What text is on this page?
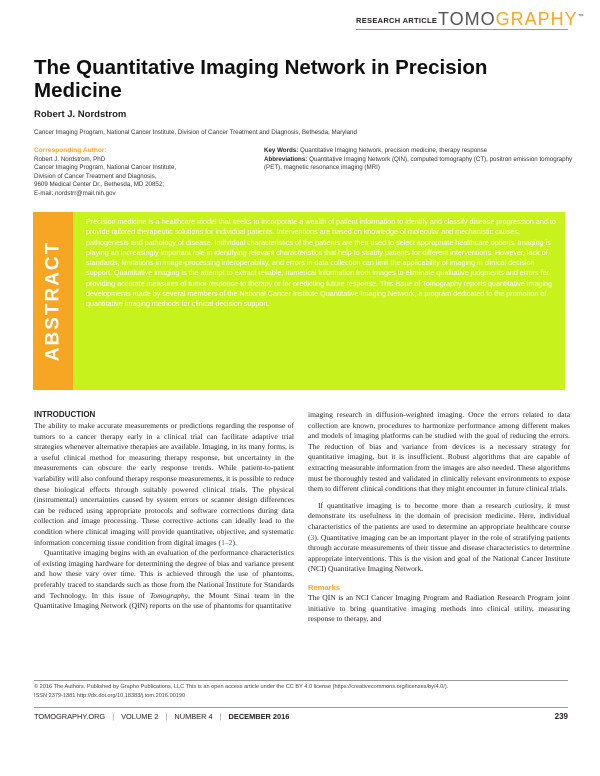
RESEARCH ARTICLE TOMOGRAPHY™
The Quantitative Imaging Network in Precision Medicine
Robert J. Nordstrom
Cancer Imaging Program, National Cancer Institute, Division of Cancer Treatment and Diagnosis, Bethesda, Maryland
Corresponding Author:
Robert J. Nordstrom, PhD
Cancer Imaging Program, National Cancer Institute,
Division of Cancer Treatment and Diagnosis,
9609 Medical Center Dr., Bethesda, MD 20852;
E-mail: nordstrr@mail.nih.gov
Key Words: Quantitative Imaging Network, precision medicine, therapy response
Abbreviations: Quantitative Imaging Network (QIN), computed tomography (CT), positron emission tomography (PET), magnetic resonance imaging (MRI)
ABSTRACT

Precision medicine is a healthcare model that seeks to incorporate a wealth of patient information to identify and classify disease progression and to provide tailored therapeutic solutions for individual patients. Interventions are based on knowledge of molecular and mechanistic causes, pathogenesis and pathology of disease. Individual characteristics of the patients are then used to select appropriate healthcare options. Imaging is playing an increasingly important role in identifying relevant characteristics that help to stratify patients for different interventions. However, lack of standards, limitations in image-processing interoperability, and errors in data collection can limit the applicability of imaging in clinical decision support. Quantitative imaging is the attempt to extract reliable, numerical information from images to eliminate qualitative judgments and errors for providing accurate measures of tumor response to therapy or for predicting future response. This issue of Tomography reports quantitative imaging developments made by several members of the National Cancer Institute Quantitative Imaging Network, a program dedicated to the promotion of quantitative imaging methods for clinical decision support.

INTRODUCTION

The ability to make accurate measurements or predictions regarding the response of tumors to a cancer therapy early in a clinical trial can facilitate adaptive trial strategies whenever alternative therapies are available. Imaging, in its many forms, is a useful clinical method for measuring therapy response, but uncertainty in the measurements can obscure the early response trends. While patient-to-patient variability will also confound therapy response measurements, it is possible to reduce these biological effects through suitably powered clinical trials. The physical (instrumental) uncertainties caused by system errors or scanner design differences can be reduced using appropriate protocols and software corrections during data collection and image processing. These corrective actions can ideally lead to the condition where clinical imaging will provide quantitative, objective, and systematic information concerning tissue condition from digital images (1–2).

Quantitative imaging begins with an evaluation of the performance characteristics of existing imaging hardware for determining the degree of bias and variance present and how these vary over time. This is achieved through the use of phantoms, preferably traced to standards such as those from the National Institute for Standards and Technology. In this issue of Tomography, the Mount Sinai team in the Quantitative Imaging Network (QIN) reports on the use of phantoms for quantitative

imaging research in diffusion-weighted imaging. Once the errors related to data collection are known, procedures to harmonize performance among different makes and models of imaging platforms can be studied with the goal of reducing the errors. The reduction of bias and variance from devices is a necessary strategy for quantitative imaging, but it is insufficient. Robust algorithms that are capable of extracting measurable information from the images are also needed. These algorithms must be thoroughly tested and validated in clinically relevant environments to expose them to different clinical conditions that they might encounter in future clinical trials.

If quantitative imaging is to become more than a research curiosity, it must demonstrate its usefulness in the domain of precision medicine. Here, individual characteristics of the patients are used to determine an appropriate healthcare course (3). Quantitative imaging can be an important player in the role of stratifying patients through accurate measurements of their tissue and disease characteristics to determine appropriate interventions. This is the vision and goal of the National Cancer Institute (NCI) Quantitative Imaging Network.

Remarks

The QIN is an NCI Cancer Imaging Program and Radiation Research Program joint initiative to bring quantitative imaging methods into clinical utility, measuring response to therapy, and

© 2016 The Authors. Published by Grapho Publications, LLC This is an open access article under the CC BY 4.0 license (https://creativecommons.org/licenses/by/4.0/).
ISSN 2379-1381 http://dx.doi.org/10.18383/j.tom.2016.00190
TOMOGRAPHY.ORG | VOLUME 2 | NUMBER 4 | DECEMBER 2016	239
